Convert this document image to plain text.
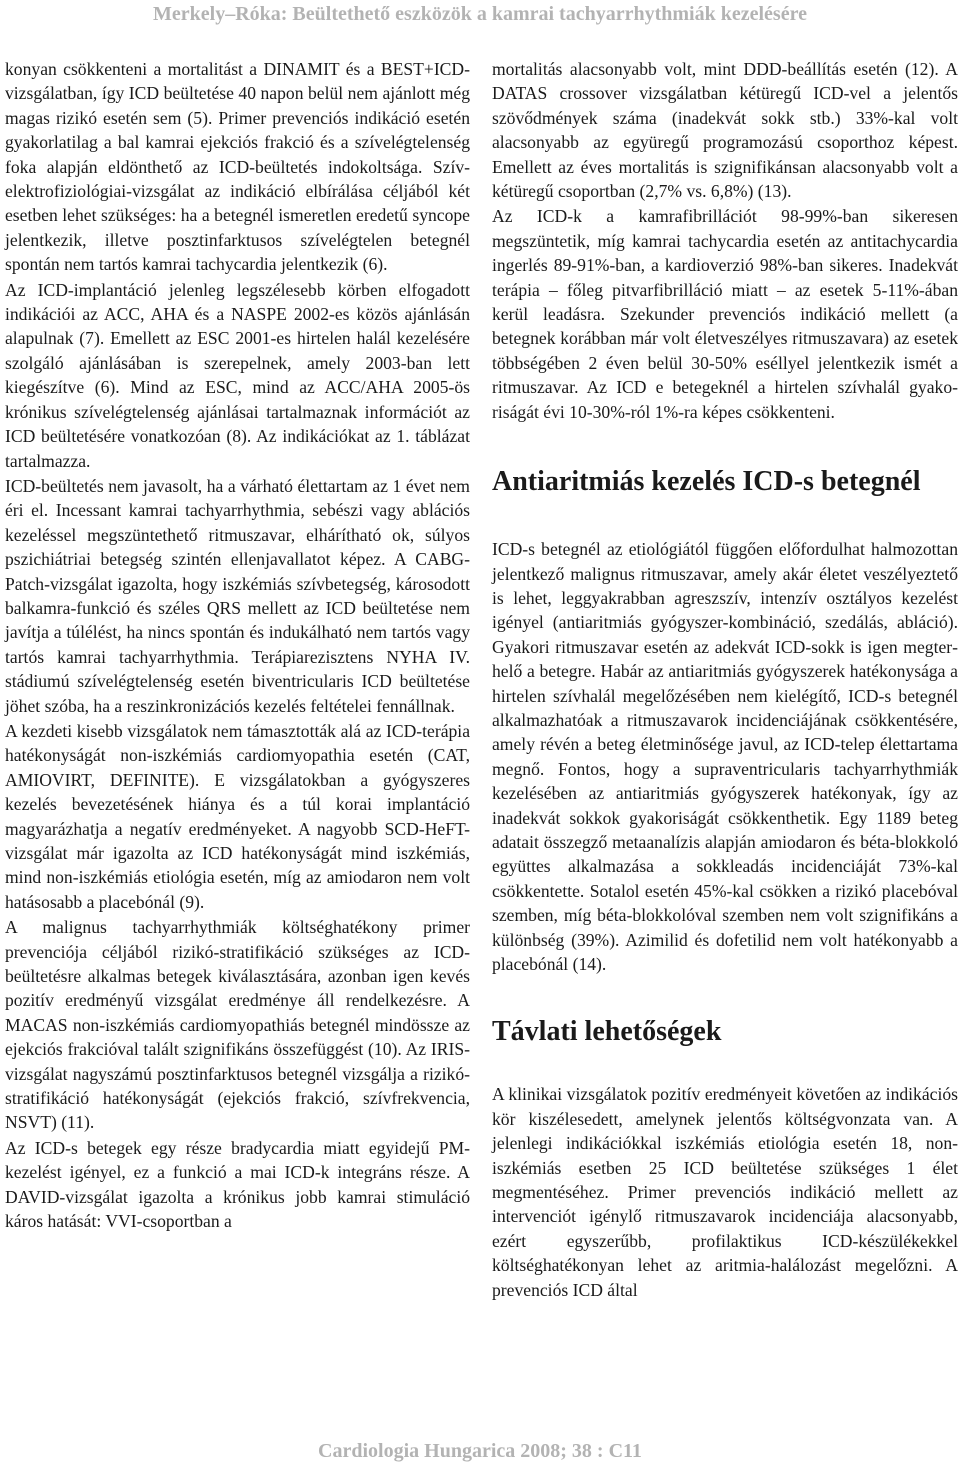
Merkely–Róka: Beültethető eszközök a kamrai tachyarrhythmiák kezelésére

konyan csökkenteni a mortalitást a DINAMIT és a BEST+ICD-vizsgálatban, így ICD beültetése 40 napon belül nem ajánlott még magas rizikó esetén sem (5). Primer prevenciós indikáció esetén gyakorlatilag a bal kamrai ejekciós frakció és a szívelégtelenség foka alapján eldönthető az ICD-beültetés indokoltsága. Szívelektrofiziológiai-vizsgálat az indikáció elbírálása céljából két esetben lehet szükséges: ha a betegnél ismeretlen eredetű syncope jelentkezik, illetve posztinfarktusos szívelégtelen betegnél spontán nem tartós kamrai tachycardia jelentkezik (6).

Az ICD-implantáció jelenleg legszélesebb körben elfogadott indikációi az ACC, AHA és a NASPE 2002-es közös ajánlásán alapulnak (7). Emellett az ESC 2001-es hirtelen halál kezelésére szolgáló ajánlásában is szerepelnek, amely 2003-ban lett kiegészítve (6). Mind az ESC, mind az ACC/AHA 2005-ös krónikus szívelégtelenség ajánlásai tartalmaznak információt az ICD beültetésére vonatkozóan (8). Az indikációkat az 1. táblázat tartalmazza.

ICD-beültetés nem javasolt, ha a várható élettartam az 1 évet nem éri el. Incessant kamrai tachyarrhythmia, sebészi vagy ablációs kezeléssel megszüntethető ritmuszavar, elhárítható ok, súlyos pszichiátriai betegség szintén ellenjavallatot képez. A CABG-Patch-vizsgálat igazolta, hogy iszkémiás szívbetegség, károsodott balkamra-funkció és széles QRS mellett az ICD beültetése nem javítja a túlélést, ha nincs spontán és indukálható nem tartós vagy tartós kamrai tachyarrhythmia. Terápiarezisztens NYHA IV. stádiumú szívelégtelenség esetén biventricularis ICD beültetése jöhet szóba, ha a reszinkronizációs kezelés feltételei fennállnak.

A kezdeti kisebb vizsgálatok nem támasztották alá az ICD-terápia hatékonyságát non-iszkémiás cardiomyopathia esetén (CAT, AMIOVIRT, DEFINITE). E vizsgálatokban a gyógyszeres kezelés bevezetésének hiánya és a túl korai implantáció magyarázhatja a negatív eredményeket. A nagyobb SCD-HeFT-vizsgálat már igazolta az ICD hatékonyságát mind iszkémiás, mind non-iszkémiás etiológia esetén, míg az amiodaron nem volt hatásosabb a placebónál (9).

A malignus tachyarrhythmiák költséghatékony primer prevenciója céljából rizikó-stratifikáció szükséges az ICD-beültetésre alkalmas betegek kiválasztására, azonban igen kevés pozitív eredményű vizsgálat eredménye áll rendelkezésre. A MACAS non-iszkémiás cardiomyopathiás betegnél mindössze az ejekciós frakcióval talált szignifikáns összefüggést (10). Az IRIS-vizsgálat nagyszámú posztinfarktusos betegnél vizsgálja a rizikó-stratifikáció hatékonyságát (ejekciós frakció, szívfrekvencia, NSVT) (11).

Az ICD-s betegek egy része bradycardia miatt egyidejű PM-kezelést igényel, ez a funkció a mai ICD-k integráns része. A DAVID-vizsgálat igazolta a krónikus jobb kamrai stimuláció káros hatását: VVI-csoportban a

mortalitás alacsonyabb volt, mint DDD-beállítás esetén (12). A DATAS crossover vizsgálatban kétüregű ICD-vel a jelentős szövődmények száma (inadekvát sokk stb.) 33%-kal volt alacsonyabb az együregű programozású csoporthoz képest. Emellett az éves mortalitás is szignifikánsan alacsonyabb volt a kétüregű csoportban (2,7% vs. 6,8%) (13).

Az ICD-k a kamrafibrillációt 98-99%-ban sikeresen megszüntetik, míg kamrai tachycardia esetén az antitachycardia ingerlés 89-91%-ban, a kardioverzió 98%-ban sikeres. Inadekvát terápia – főleg pitvarfibrilláció miatt – az esetek 5-11%-ában kerül leadásra. Szekunder prevenciós indikáció mellett (a betegnek korábban már volt életveszélyes ritmuszavara) az esetek többségében 2 éven belül 30-50% eséllyel jelentkezik ismét a ritmuszavar. Az ICD e betegeknél a hirtelen szívhalál gyakoriságát évi 10-30%-ról 1%-ra képes csökkenteni.

Antiaritmiás kezelés ICD-s betegnél

ICD-s betegnél az etiológiától függően előfordulhat halmozottan jelentkező malignus ritmuszavar, amely akár életet veszélyeztető is lehet, leggyakrabban agreszszív, intenzív osztályos kezelést igényel (antiaritmiás gyógyszer-kombináció, szedálás, abláció). Gyakori ritmuszavar esetén az adekvát ICD-sokk is igen megterhelő a betegre. Habár az antiaritmiás gyógyszerek hatékonysága a hirtelen szívhalál megelőzésében nem kielégítő, ICD-s betegnél alkalmazhatóak a ritmuszavarok incidenciájának csökkentésére, amely révén a beteg életminősége javul, az ICD-telep élettartama megnő. Fontos, hogy a supraventricularis tachyarrhythmiák kezelésében az antiaritmiás gyógyszerek hatékonyak, így az inadekvát sokkok gyakoriságát csökkenthetik. Egy 1189 beteg adatait összegző metaanalízis alapján amiodaron és béta-blokkoló együttes alkalmazása a sokkleadás incidenciáját 73%-kal csökkentette. Sotalol esetén 45%-kal csökken a rizikó placebóval szemben, míg béta-blokkolóval szemben nem volt szignifikáns a különbség (39%). Azimilid és dofetilid nem volt hatékonyabb a placebónál (14).

Távlati lehetőségek

A klinikai vizsgálatok pozitív eredményeit követően az indikációs kör kiszélesedett, amelynek jelentős költségvonzata van. A jelenlegi indikációkkal iszkémiás etiológia esetén 18, non-iszkémiás esetben 25 ICD beültetése szükséges 1 élet megmentéséhez. Primer prevenciós indikáció mellett az intervenciót igénylő ritmuszavarok incidenciája alacsonyabb, ezért egyszerűbb, profilaktikus ICD-készülékekkel költséghatékonyan lehet az aritmia-halálozást megelőzni. A prevenciós ICD által

Cardiologia Hungarica 2008; 38 : C11
